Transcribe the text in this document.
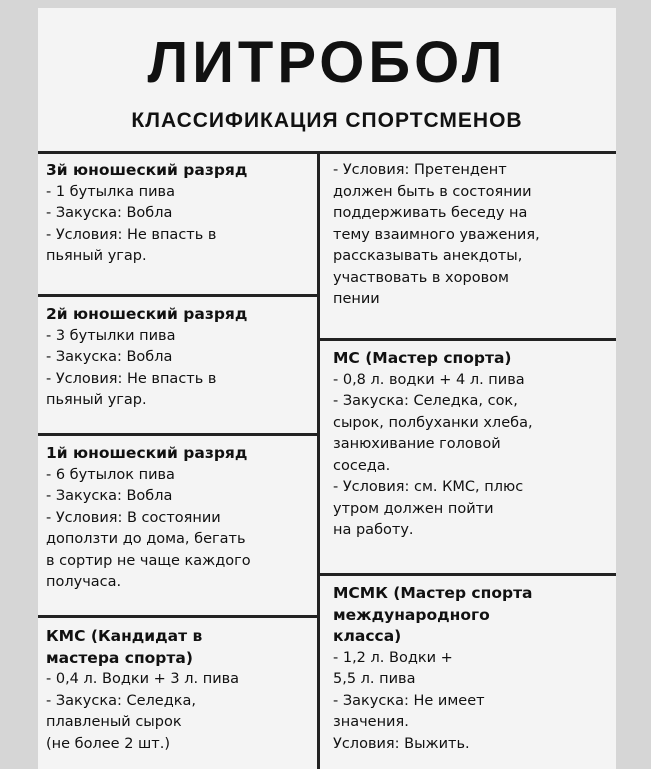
ЛИТРОБОЛ
КЛАССИФИКАЦИЯ СПОРТСМЕНОВ
3й юношеский разряд
- 1 бутылка пива
- Закуска: Вобла
- Условия: Не впасть в
пьяный угар.
2й юношеский разряд
- 3 бутылки пива
- Закуска: Вобла
- Условия: Не впасть в
пьяный угар.
1й юношеский разряд
- 6 бутылок пива
- Закуска: Вобла
- Условия: В состоянии
доползти до дома, бегать
в сортир не чаще каждого
получаса.
КМС (Кандидат в
мастера спорта)
- 0,4 л. Водки + 3 л. пива
- Закуска: Селедка,
плавленый сырок
(не более 2 шт.)
- Условия: Претендент
должен быть в состоянии
поддерживать беседу на
тему взаимного уважения,
рассказывать анекдоты,
участвовать в хоровом
пении
МС (Мастер спорта)
- 0,8 л. водки + 4 л. пива
- Закуска: Селедка, сок,
сырок, полбуханки хлеба,
занюхивание головой
соседа.
- Условия: см. КМС, плюс
утром должен пойти
на работу.
МСМК (Мастер спорта
международного
класса)
- 1,2 л. Водки +
5,5 л. пива
- Закуска: Не имеет
значения.
Условия: Выжить.
